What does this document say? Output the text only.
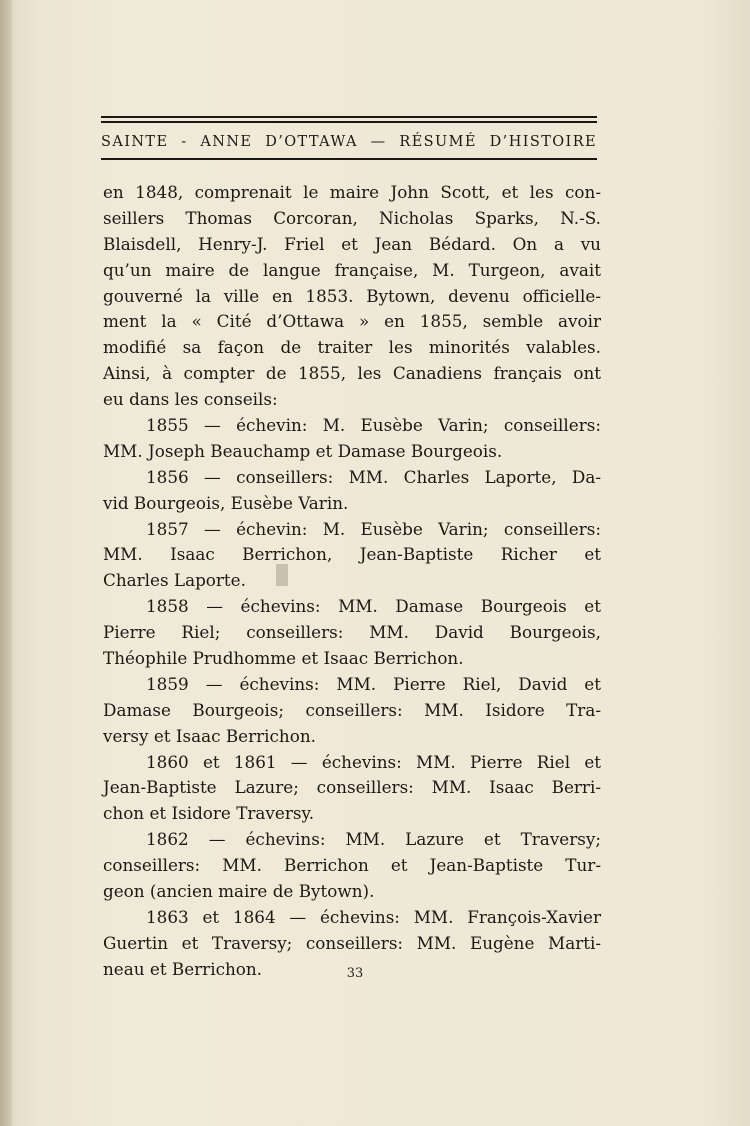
SAINTE - ANNE D’OTTAWA — RÉSUMÉ D’HISTOIRE
en 1848, comprenait le maire John Scott, et les con-
seillers Thomas Corcoran, Nicholas Sparks, N.-S.
Blaisdell, Henry-J. Friel et Jean Bédard. On a vu
qu’un maire de langue française, M. Turgeon, avait
gouverné la ville en 1853. Bytown, devenu officielle-
ment la « Cité d’Ottawa » en 1855, semble avoir
modifié sa façon de traiter les minorités valables.
Ainsi, à compter de 1855, les Canadiens français ont
eu dans les conseils:
1855 — échevin: M. Eusèbe Varin; conseillers:
MM. Joseph Beauchamp et Damase Bourgeois.
1856 — conseillers: MM. Charles Laporte, Da-
vid Bourgeois, Eusèbe Varin.
1857 — échevin: M. Eusèbe Varin; conseillers:
MM. Isaac Berrichon, Jean-Baptiste Richer et
Charles Laporte.
1858 — échevins: MM. Damase Bourgeois et
Pierre Riel; conseillers: MM. David Bourgeois,
Théophile Prudhomme et Isaac Berrichon.
1859 — échevins: MM. Pierre Riel, David et
Damase Bourgeois; conseillers: MM. Isidore Tra-
versy et Isaac Berrichon.
1860 et 1861 — échevins: MM. Pierre Riel et
Jean-Baptiste Lazure; conseillers: MM. Isaac Berri-
chon et Isidore Traversy.
1862 — échevins: MM. Lazure et Traversy;
conseillers: MM. Berrichon et Jean-Baptiste Tur-
geon (ancien maire de Bytown).
1863 et 1864 — échevins: MM. François-Xavier
Guertin et Traversy; conseillers: MM. Eugène Marti-
neau et Berrichon.	33
